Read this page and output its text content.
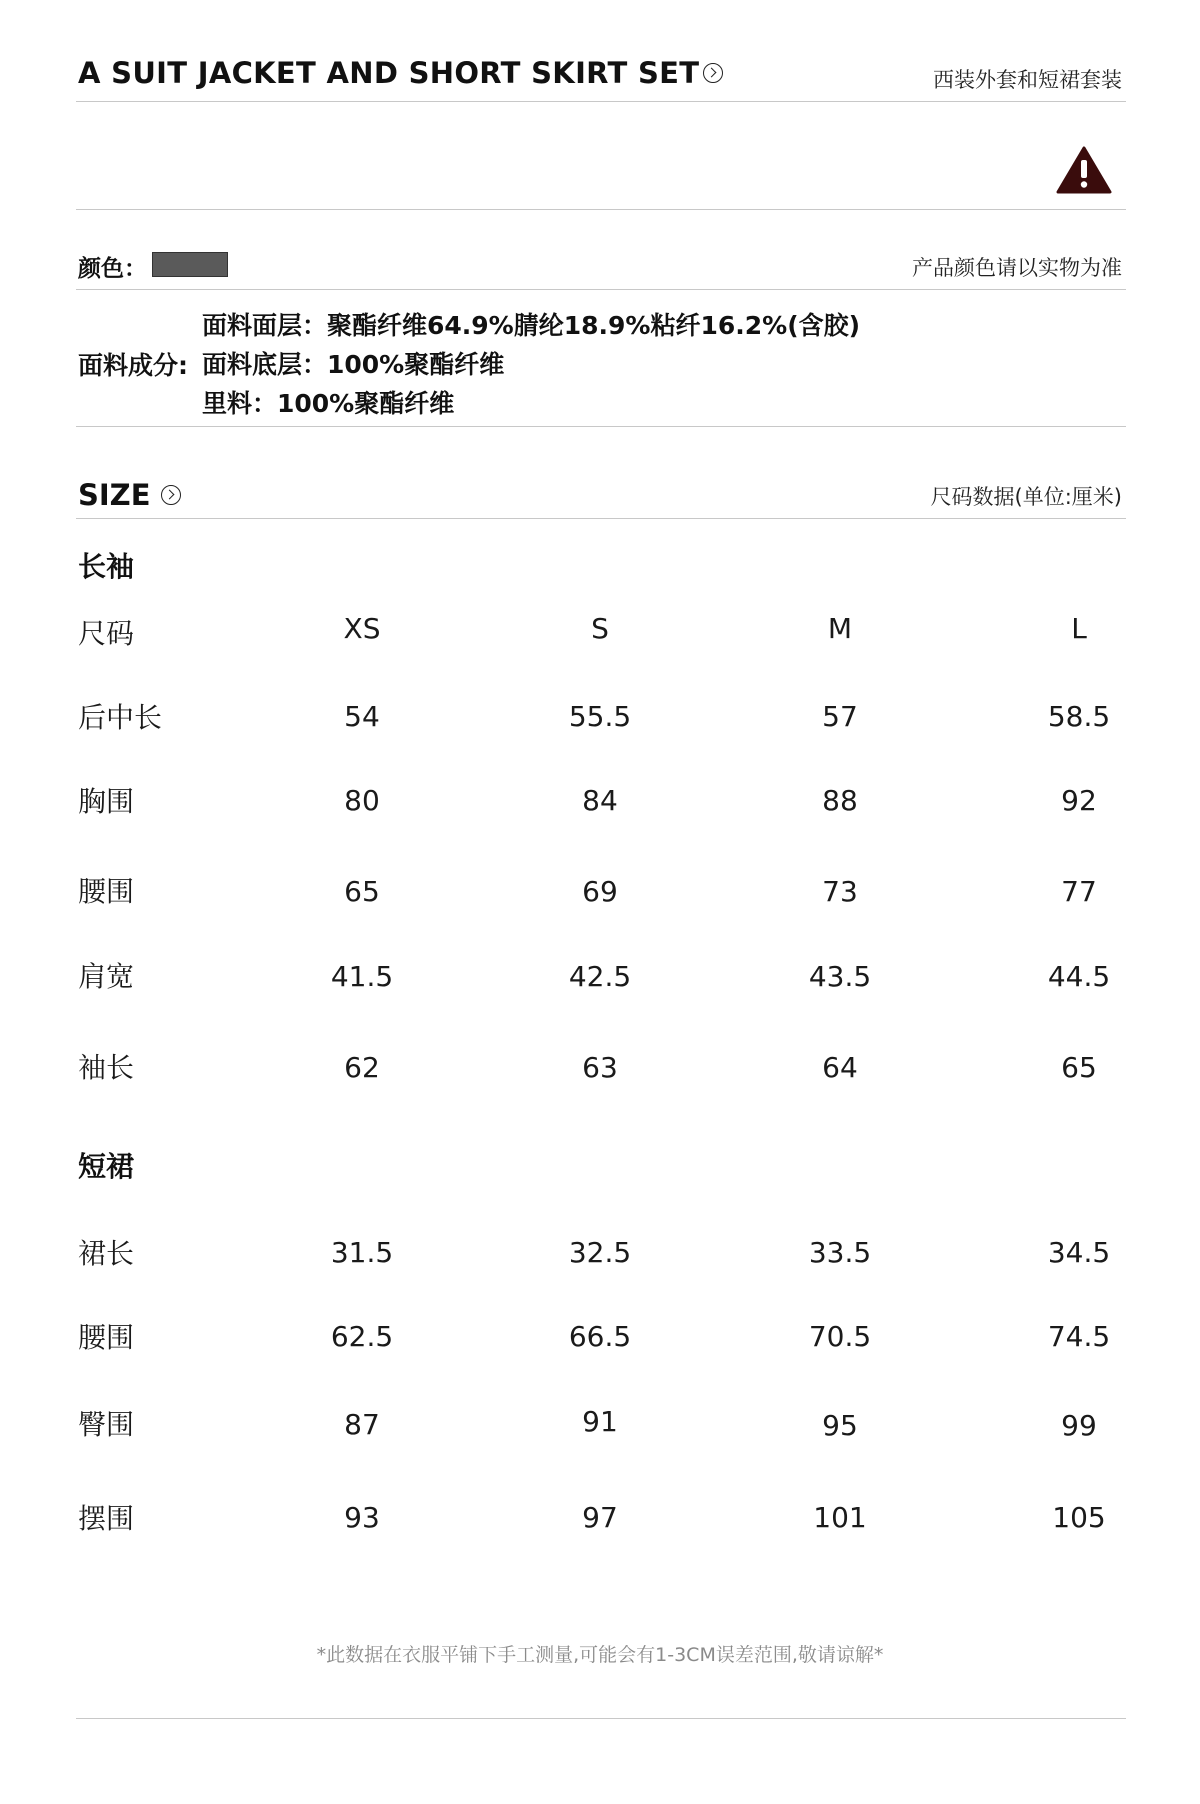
A SUIT JACKET AND SHORT SKIRT SET	西装外套和短裙套装
颜色：	产品颜色请以实物为准
面料成分:
面料面层：聚酯纤维64.9%腈纶18.9%粘纤16.2%(含胶)
面料底层：100%聚酯纤维
里料：100%聚酯纤维
SIZE	尺码数据(单位:厘米)
长袖
尺码	XS	S	M	L
后中长	54	55.5	57	58.5
胸围	80	84	88	92
腰围	65	69	73	77
肩宽	41.5	42.5	43.5	44.5
袖长	62	63	64	65
短裙
裙长	31.5	32.5	33.5	34.5
腰围	62.5	66.5	70.5	74.5
臀围	87	91	95	99
摆围	93	97	101	105
*此数据在衣服平铺下手工测量,可能会有1-3CM误差范围,敬请谅解*
